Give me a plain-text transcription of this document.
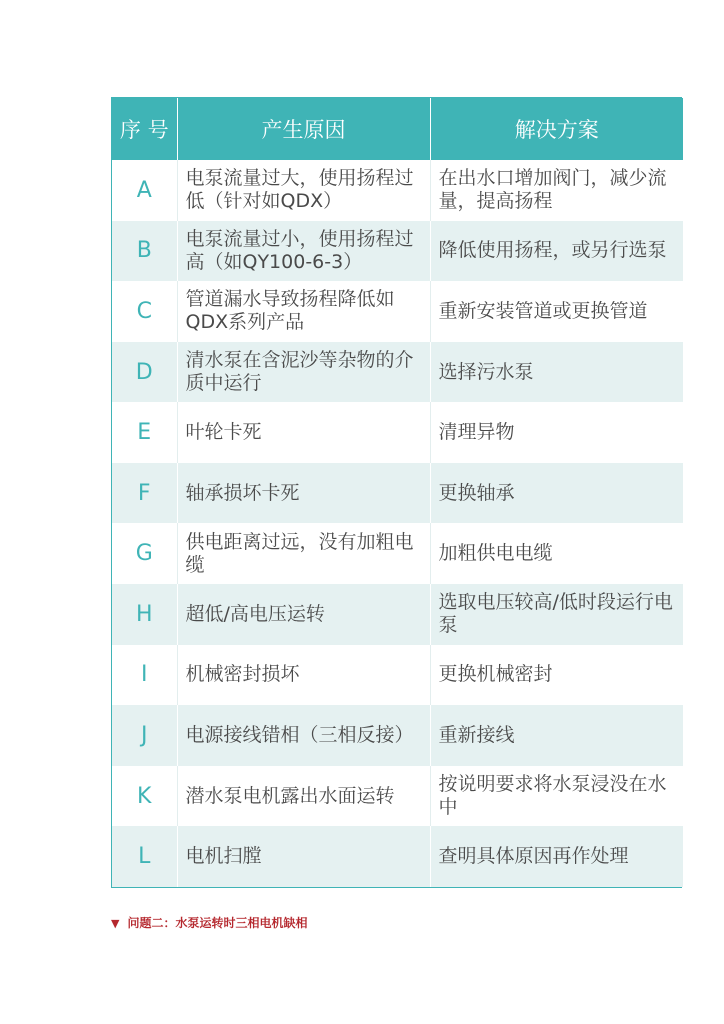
序 号	产生原因	解决方案
A	电泵流量过大，使用扬程过低（针对如QDX）	在出水口增加阀门，减少流量，提高扬程
B	电泵流量过小，使用扬程过高（如QY100-6-3）	降低使用扬程，或另行选泵
C	管道漏水导致扬程降低如QDX系列产品	重新安装管道或更换管道
D	清水泵在含泥沙等杂物的介质中运行	选择污水泵
E	叶轮卡死	清理异物
F	轴承损坏卡死	更换轴承
G	供电距离过远，没有加粗电缆	加粗供电电缆
H	超低/高电压运转	选取电压较高/低时段运行电泵
I	机械密封损坏	更换机械密封
J	电源接线错相（三相反接）	重新接线
K	潜水泵电机露出水面运转	按说明要求将水泵浸没在水中
L	电机扫膛	查明具体原因再作处理
▼ 问题二：水泵运转时三相电机缺相
